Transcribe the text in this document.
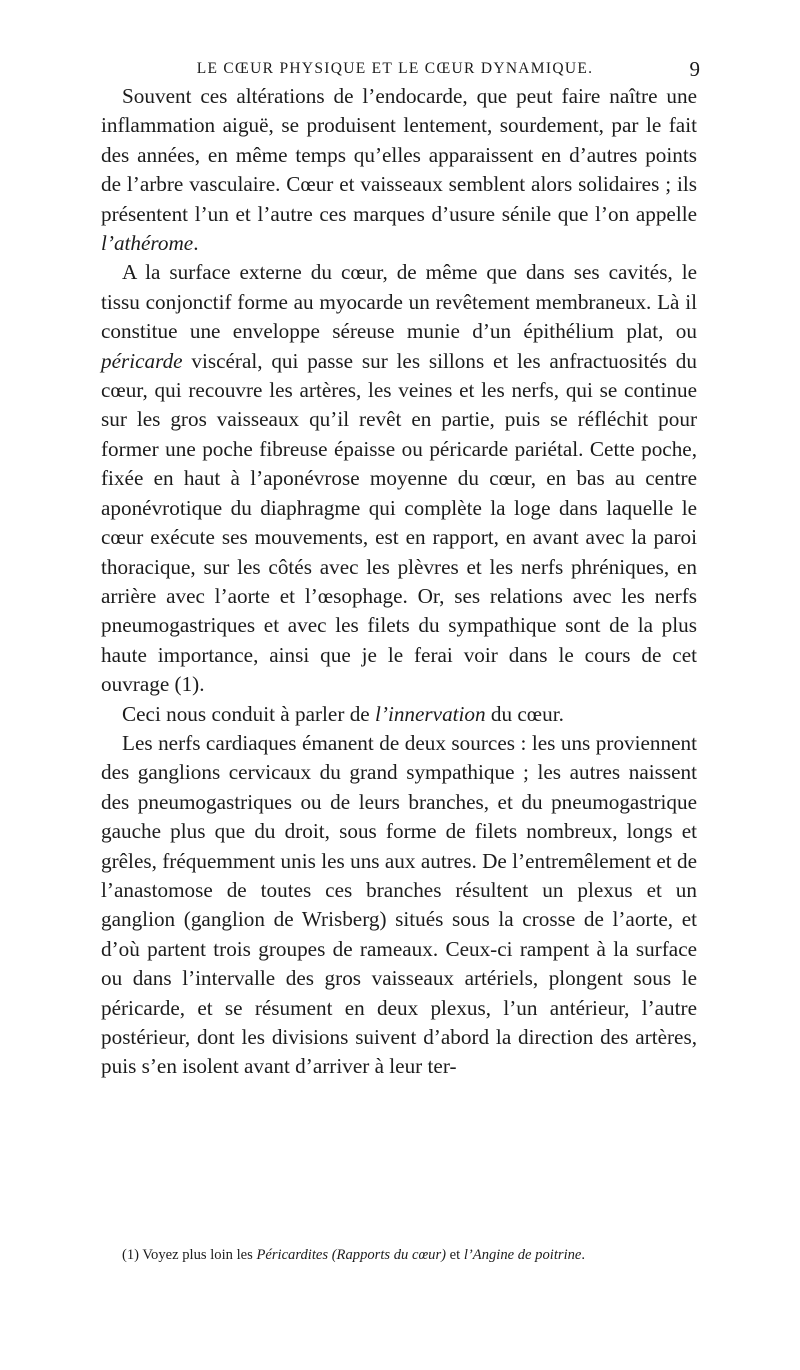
LE CŒUR PHYSIQUE ET LE CŒUR DYNAMIQUE.	9

Souvent ces altérations de l’endocarde, que peut faire naître une inflammation aiguë, se produisent lentement, sourdement, par le fait des années, en même temps qu’elles apparaissent en d’autres points de l’arbre vasculaire. Cœur et vaisseaux semblent alors solidaires ; ils présentent l’un et l’autre ces marques d’usure sénile que l’on appelle l’athérome.

A la surface externe du cœur, de même que dans ses cavités, le tissu conjonctif forme au myocarde un revêtement membraneux. Là il constitue une enveloppe séreuse munie d’un épithélium plat, ou péricarde viscéral, qui passe sur les sillons et les anfractuosités du cœur, qui recouvre les artères, les veines et les nerfs, qui se continue sur les gros vaisseaux qu’il revêt en partie, puis se réfléchit pour former une poche fibreuse épaisse ou péricarde pariétal. Cette poche, fixée en haut à l’aponévrose moyenne du cœur, en bas au centre aponévrotique du diaphragme qui complète la loge dans laquelle le cœur exécute ses mouvements, est en rapport, en avant avec la paroi thoracique, sur les côtés avec les plèvres et les nerfs phréniques, en arrière avec l’aorte et l’œsophage. Or, ses relations avec les nerfs pneumogastriques et avec les filets du sympathique sont de la plus haute importance, ainsi que je le ferai voir dans le cours de cet ouvrage (1).

Ceci nous conduit à parler de l’innervation du cœur.

Les nerfs cardiaques émanent de deux sources : les uns proviennent des ganglions cervicaux du grand sympathique ; les autres naissent des pneumogastriques ou de leurs branches, et du pneumogastrique gauche plus que du droit, sous forme de filets nombreux, longs et grêles, fréquemment unis les uns aux autres. De l’entremêlement et de l’anastomose de toutes ces branches résultent un plexus et un ganglion (ganglion de Wrisberg) situés sous la crosse de l’aorte, et d’où partent trois groupes de rameaux. Ceux-ci rampent à la surface ou dans l’intervalle des gros vaisseaux artériels, plongent sous le péricarde, et se résument en deux plexus, l’un antérieur, l’autre postérieur, dont les divisions suivent d’abord la direction des artères, puis s’en isolent avant d’arriver à leur ter-

(1) Voyez plus loin les Péricardites (Rapports du cœur) et l’Angine de poitrine.
